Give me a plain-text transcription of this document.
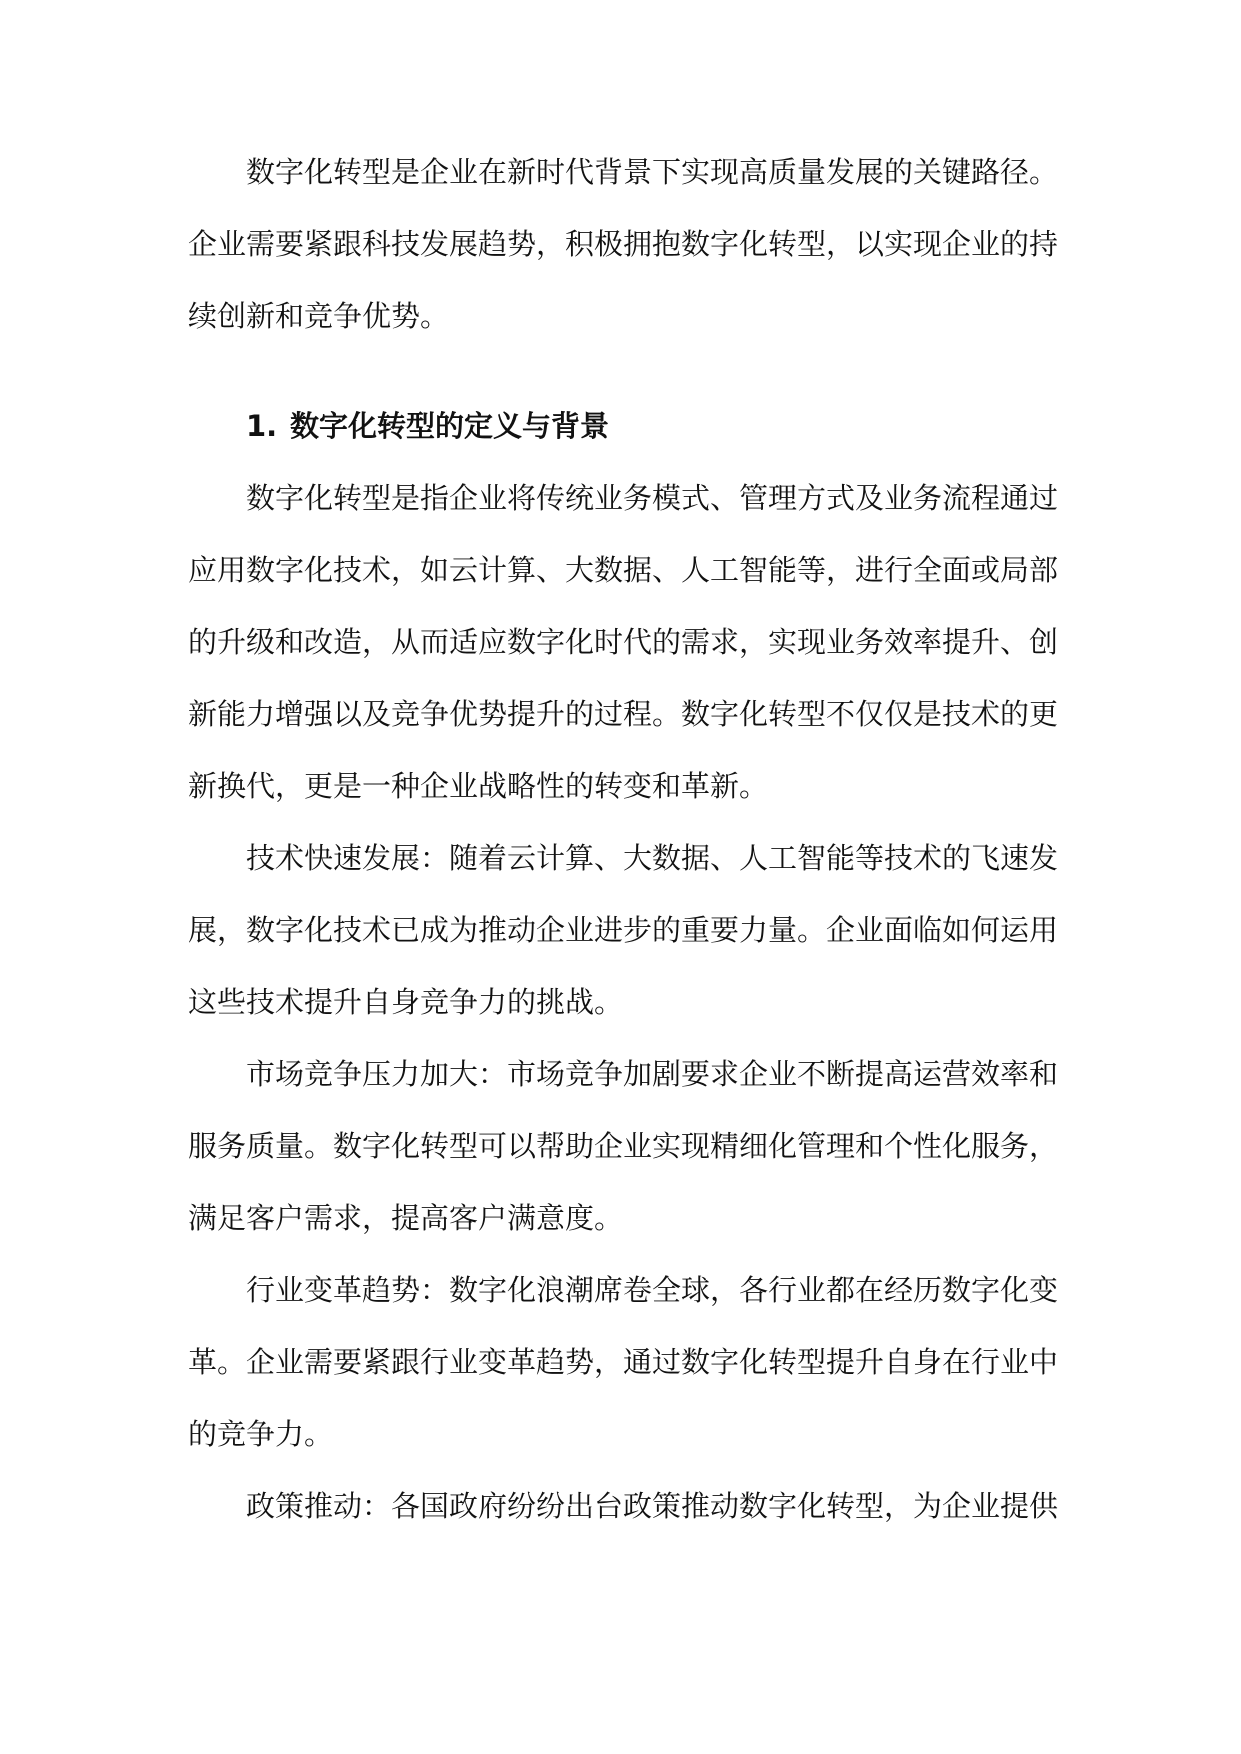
数字化转型是企业在新时代背景下实现高质量发展的关键路径。企业需要紧跟科技发展趋势，积极拥抱数字化转型，以实现企业的持续创新和竞争优势。

1. 数字化转型的定义与背景

数字化转型是指企业将传统业务模式、管理方式及业务流程通过应用数字化技术，如云计算、大数据、人工智能等，进行全面或局部的升级和改造，从而适应数字化时代的需求，实现业务效率提升、创新能力增强以及竞争优势提升的过程。数字化转型不仅仅是技术的更新换代，更是一种企业战略性的转变和革新。

技术快速发展：随着云计算、大数据、人工智能等技术的飞速发展，数字化技术已成为推动企业进步的重要力量。企业面临如何运用这些技术提升自身竞争力的挑战。

市场竞争压力加大：市场竞争加剧要求企业不断提高运营效率和服务质量。数字化转型可以帮助企业实现精细化管理和个性化服务，满足客户需求，提高客户满意度。

行业变革趋势：数字化浪潮席卷全球，各行业都在经历数字化变革。企业需要紧跟行业变革趋势，通过数字化转型提升自身在行业中的竞争力。

政策推动：各国政府纷纷出台政策推动数字化转型，为企业提供
